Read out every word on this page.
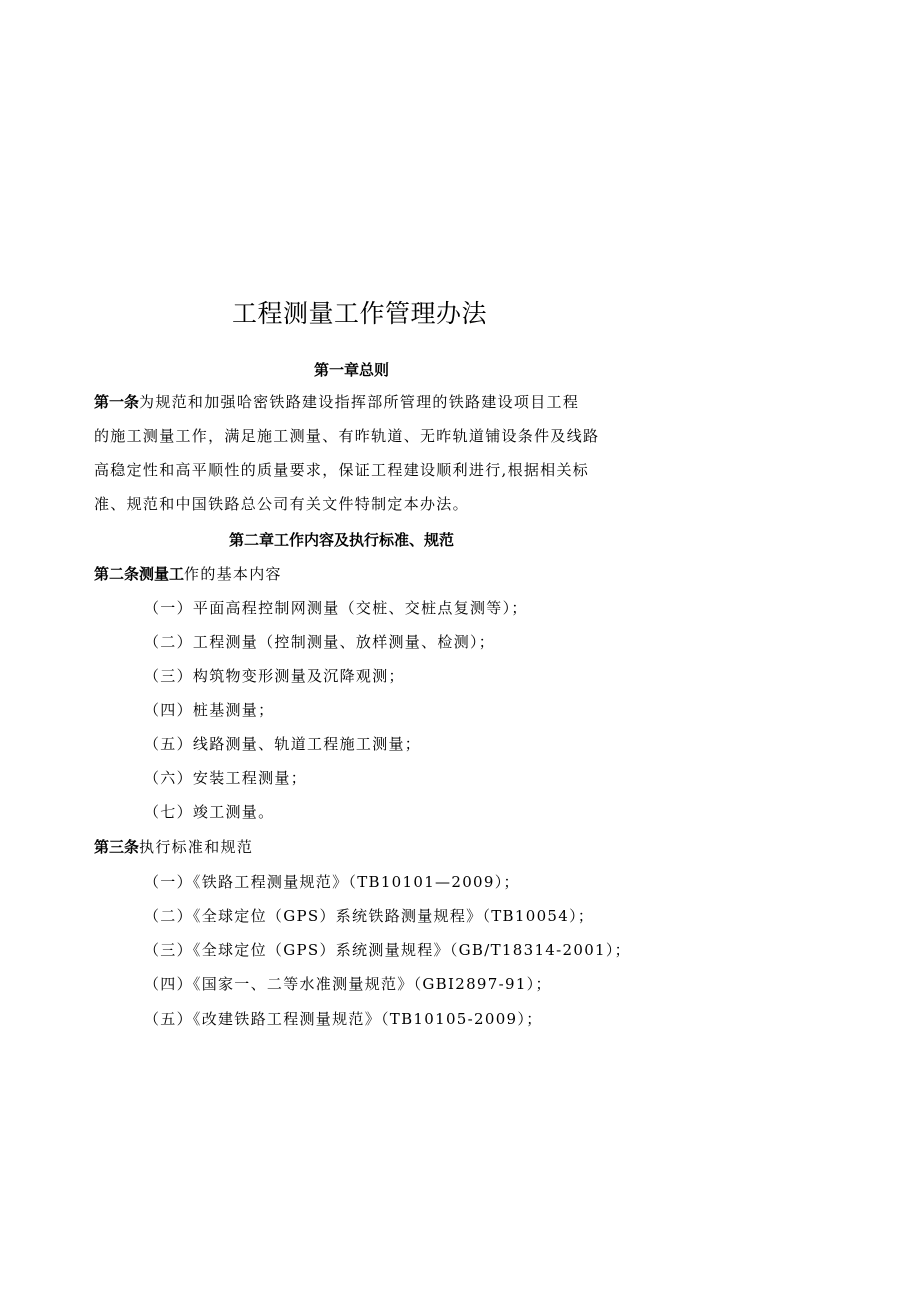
工程测量工作管理办法
第一章总则
第一条为规范和加强哈密铁路建设指挥部所管理的铁路建设项目工程
的施工测量工作，满足施工测量、有昨轨道、无昨轨道铺设条件及线路
高稳定性和高平顺性的质量要求，保证工程建设顺利进行,根据相关标
准、规范和中国铁路总公司有关文件特制定本办法。
第二章工作内容及执行标准、规范
第二条测量工作的基本内容
（一）平面高程控制网测量（交桩、交桩点复测等）；
（二）工程测量（控制测量、放样测量、检测）；
（三）构筑物变形测量及沉降观测；
（四）桩基测量；
（五）线路测量、轨道工程施工测量；
（六）安装工程测量；
（七）竣工测量。
第三条执行标准和规范
（一）《铁路工程测量规范》（TB10101—2009）；
（二）《全球定位（GPS）系统铁路测量规程》（TB10054）；
（三）《全球定位（GPS）系统测量规程》（GB/T18314-2001）；
（四）《国家一、二等水准测量规范》（GBI2897-91）；
（五）《改建铁路工程测量规范》（TB10105-2009）；
